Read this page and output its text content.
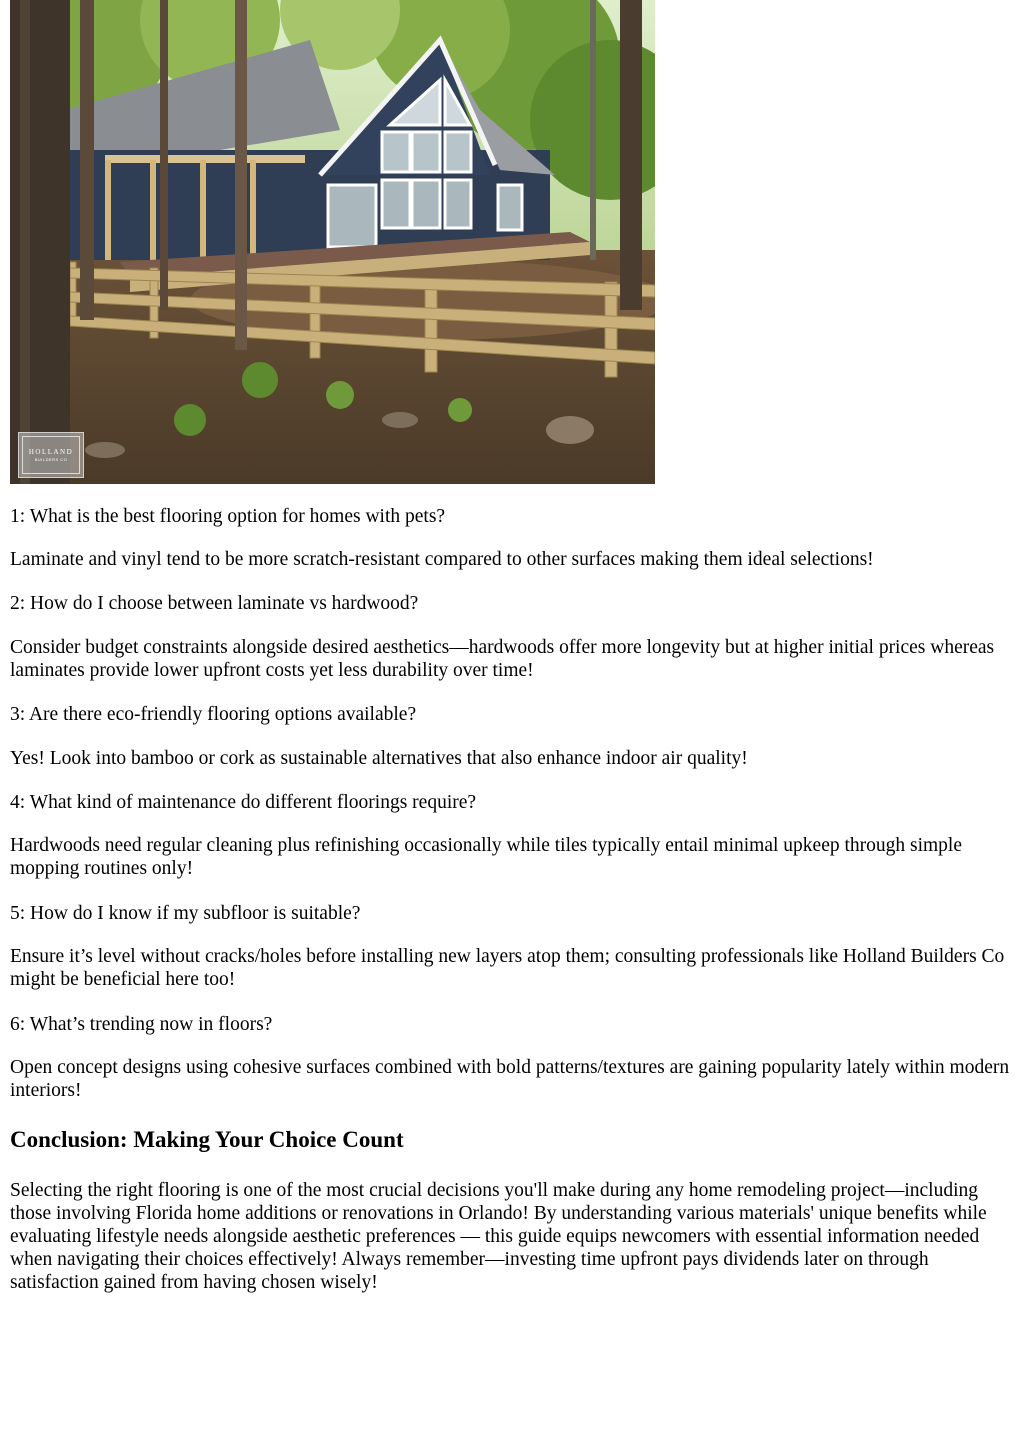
HOLLAND
BUILDERS CO

1: What is the best flooring option for homes with pets?

Laminate and vinyl tend to be more scratch-resistant compared to other surfaces making them ideal selections!

2: How do I choose between laminate vs hardwood?

Consider budget constraints alongside desired aesthetics—hardwoods offer more longevity but at higher initial prices whereas laminates provide lower upfront costs yet less durability over time!

3: Are there eco-friendly flooring options available?

Yes! Look into bamboo or cork as sustainable alternatives that also enhance indoor air quality!

4: What kind of maintenance do different floorings require?

Hardwoods need regular cleaning plus refinishing occasionally while tiles typically entail minimal upkeep through simple mopping routines only!

5: How do I know if my subfloor is suitable?

Ensure it’s level without cracks/holes before installing new layers atop them; consulting professionals like Holland Builders Co might be beneficial here too!

6: What’s trending now in floors?

Open concept designs using cohesive surfaces combined with bold patterns/textures are gaining popularity lately within modern interiors!

Conclusion: Making Your Choice Count

Selecting the right flooring is one of the most crucial decisions you'll make during any home remodeling project—including those involving Florida home additions or renovations in Orlando! By understanding various materials' unique benefits while evaluating lifestyle needs alongside aesthetic preferences — this guide equips newcomers with essential information needed when navigating their choices effectively! Always remember—investing time upfront pays dividends later on through satisfaction gained from having chosen wisely!
